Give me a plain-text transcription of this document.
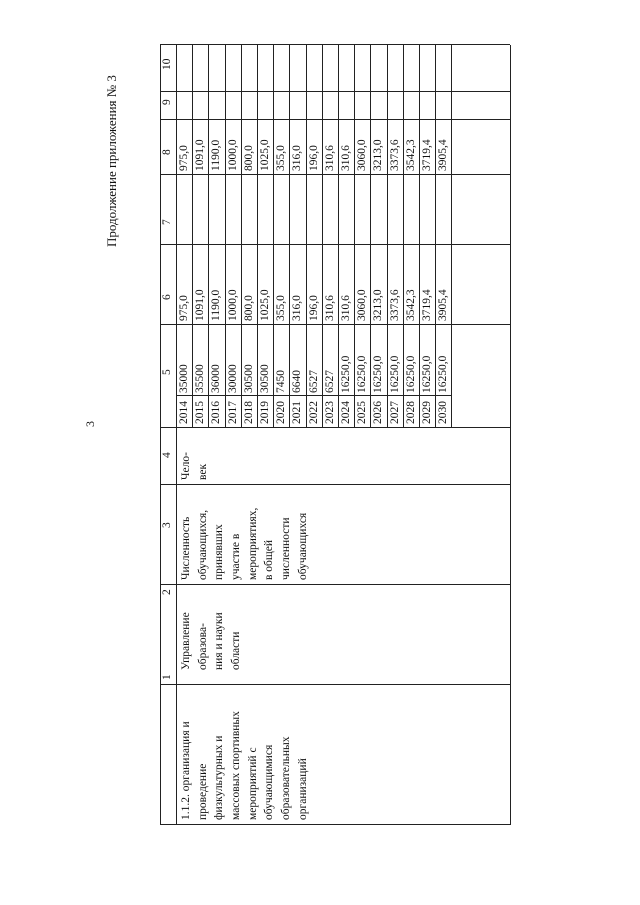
3
Продолжение приложения № 3
1
2
3
4
5
6
7
8
9
10
1.1.2. организация и
проведение
физкультурных и
массовых спортивных
мероприятий с
обучающимися
образовательных
организаций
Управление
образова-
ния и науки
области
Численность
обучающихся,
принявших
участие в
мероприятиях,
в общей
численности
обучающихся
Чело-
век
2014
35000
975,0
975,0
2015
35500
1091,0
1091,0
2016
36000
1190,0
1190,0
2017
30000
1000,0
1000,0
2018
30500
800,0
800,0
2019
30500
1025,0
1025,0
2020
7450
355,0
355,0
2021
6640
316,0
316,0
2022
6527
196,0
196,0
2023
6527
310,6
310,6
2024
16250,0
310,6
310,6
2025
16250,0
3060,0
3060,0
2026
16250,0
3213,0
3213,0
2027
16250,0
3373,6
3373,6
2028
16250,0
3542,3
3542,3
2029
16250,0
3719,4
3719,4
2030
16250,0
3905,4
3905,4
